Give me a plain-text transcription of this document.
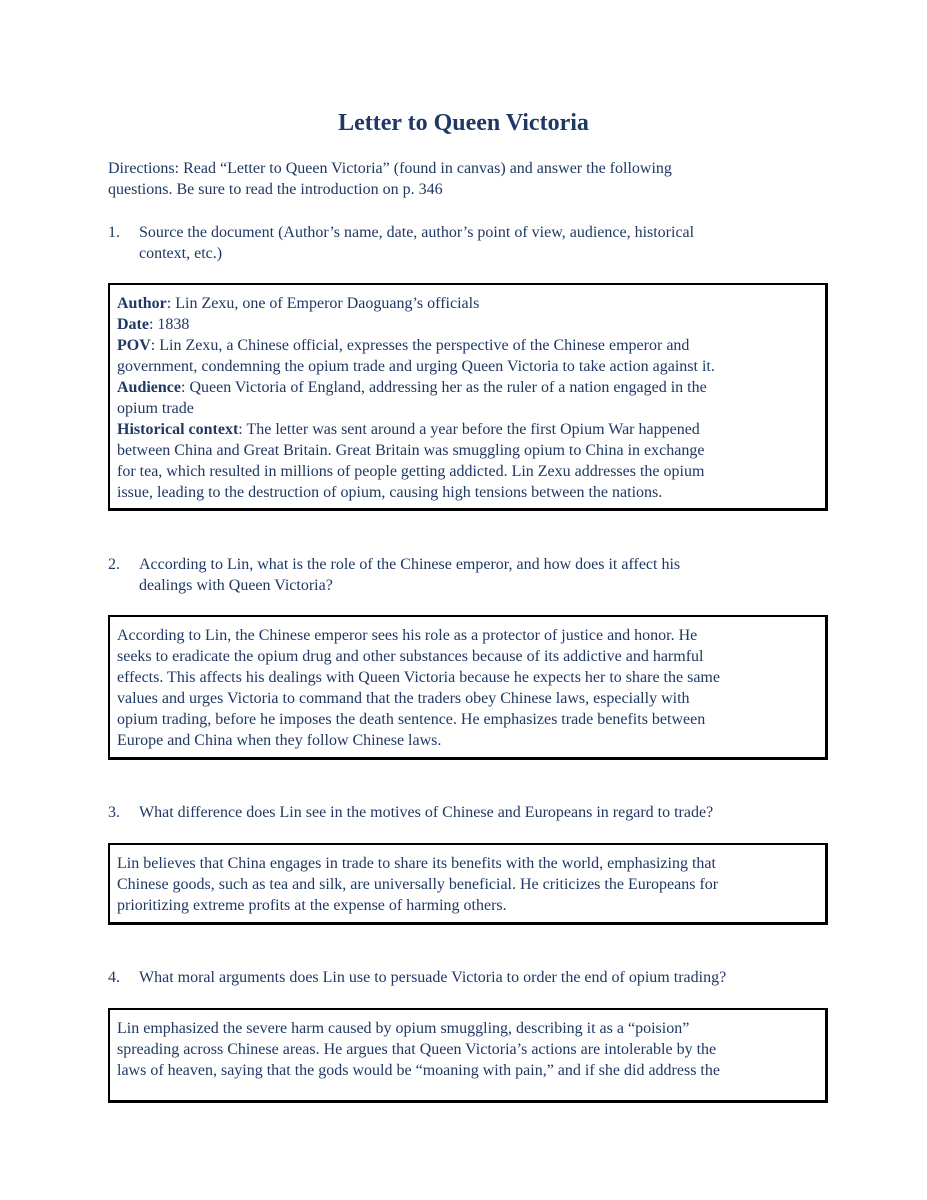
Letter to Queen Victoria
Directions: Read “Letter to Queen Victoria” (found in canvas) and answer the following
questions. Be sure to read the introduction on p. 346
1. Source the document (Author’s name, date, author’s point of view, audience, historical
context, etc.)
Author: Lin Zexu, one of Emperor Daoguang’s officials
Date: 1838
POV: Lin Zexu, a Chinese official, expresses the perspective of the Chinese emperor and
government, condemning the opium trade and urging Queen Victoria to take action against it.
Audience: Queen Victoria of England, addressing her as the ruler of a nation engaged in the
opium trade
Historical context: The letter was sent around a year before the first Opium War happened
between China and Great Britain. Great Britain was smuggling opium to China in exchange
for tea, which resulted in millions of people getting addicted. Lin Zexu addresses the opium
issue, leading to the destruction of opium, causing high tensions between the nations.
2. According to Lin, what is the role of the Chinese emperor, and how does it affect his
dealings with Queen Victoria?
According to Lin, the Chinese emperor sees his role as a protector of justice and honor. He
seeks to eradicate the opium drug and other substances because of its addictive and harmful
effects. This affects his dealings with Queen Victoria because he expects her to share the same
values and urges Victoria to command that the traders obey Chinese laws, especially with
opium trading, before he imposes the death sentence. He emphasizes trade benefits between
Europe and China when they follow Chinese laws.
3. What difference does Lin see in the motives of Chinese and Europeans in regard to trade?
Lin believes that China engages in trade to share its benefits with the world, emphasizing that
Chinese goods, such as tea and silk, are universally beneficial. He criticizes the Europeans for
prioritizing extreme profits at the expense of harming others.
4. What moral arguments does Lin use to persuade Victoria to order the end of opium trading?
Lin emphasized the severe harm caused by opium smuggling, describing it as a “poision”
spreading across Chinese areas. He argues that Queen Victoria’s actions are intolerable by the
laws of heaven, saying that the gods would be “moaning with pain,” and if she did address the
